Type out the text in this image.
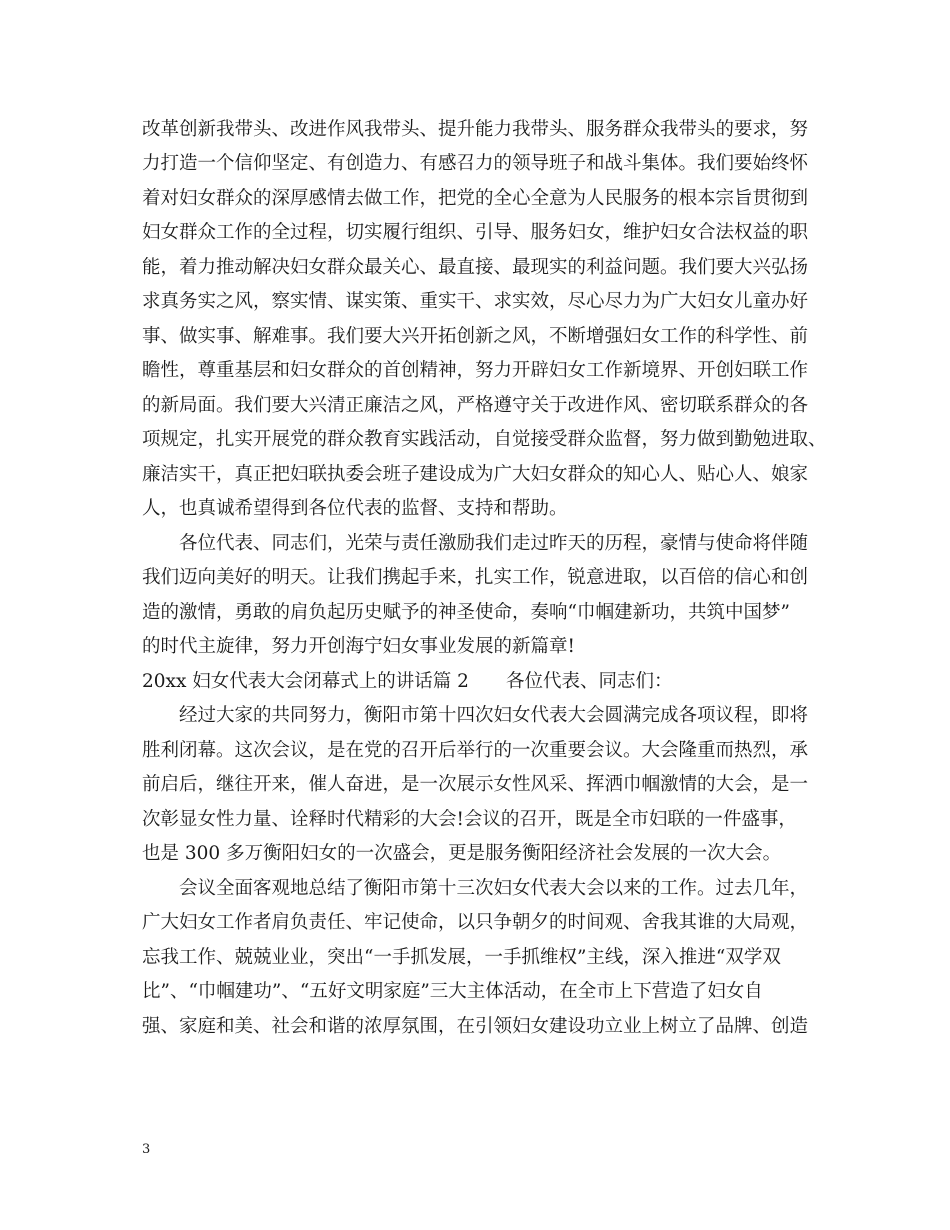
改革创新我带头、改进作风我带头、提升能力我带头、服务群众我带头的要求，努
力打造一个信仰坚定、有创造力、有感召力的领导班子和战斗集体。我们要始终怀
着对妇女群众的深厚感情去做工作，把党的全心全意为人民服务的根本宗旨贯彻到
妇女群众工作的全过程，切实履行组织、引导、服务妇女，维护妇女合法权益的职
能，着力推动解决妇女群众最关心、最直接、最现实的利益问题。我们要大兴弘扬
求真务实之风，察实情、谋实策、重实干、求实效，尽心尽力为广大妇女儿童办好
事、做实事、解难事。我们要大兴开拓创新之风，不断增强妇女工作的科学性、前
瞻性，尊重基层和妇女群众的首创精神，努力开辟妇女工作新境界、开创妇联工作
的新局面。我们要大兴清正廉洁之风，严格遵守关于改进作风、密切联系群众的各
项规定，扎实开展党的群众教育实践活动，自觉接受群众监督，努力做到勤勉进取、
廉洁实干，真正把妇联执委会班子建设成为广大妇女群众的知心人、贴心人、娘家
人，也真诚希望得到各位代表的监督、支持和帮助。
各位代表、同志们，光荣与责任激励我们走过昨天的历程，豪情与使命将伴随
我们迈向美好的明天。让我们携起手来，扎实工作，锐意进取，以百倍的信心和创
造的激情，勇敢的肩负起历史赋予的神圣使命，奏响“巾帼建新功，共筑中国梦”
的时代主旋律，努力开创海宁妇女事业发展的新篇章!
20xx 妇女代表大会闭幕式上的讲话篇 2　　各位代表、同志们：
经过大家的共同努力，衡阳市第十四次妇女代表大会圆满完成各项议程，即将
胜利闭幕。这次会议，是在党的召开后举行的一次重要会议。大会隆重而热烈，承
前启后，继往开来，催人奋进，是一次展示女性风采、挥洒巾帼激情的大会，是一
次彰显女性力量、诠释时代精彩的大会!会议的召开，既是全市妇联的一件盛事，
也是 300 多万衡阳妇女的一次盛会，更是服务衡阳经济社会发展的一次大会。
会议全面客观地总结了衡阳市第十三次妇女代表大会以来的工作。过去几年，
广大妇女工作者肩负责任、牢记使命，以只争朝夕的时间观、舍我其谁的大局观，
忘我工作、兢兢业业，突出“一手抓发展，一手抓维权”主线，深入推进“双学双
比”、“巾帼建功”、“五好文明家庭”三大主体活动，在全市上下营造了妇女自
强、家庭和美、社会和谐的浓厚氛围，在引领妇女建设功立业上树立了品牌、创造
3
